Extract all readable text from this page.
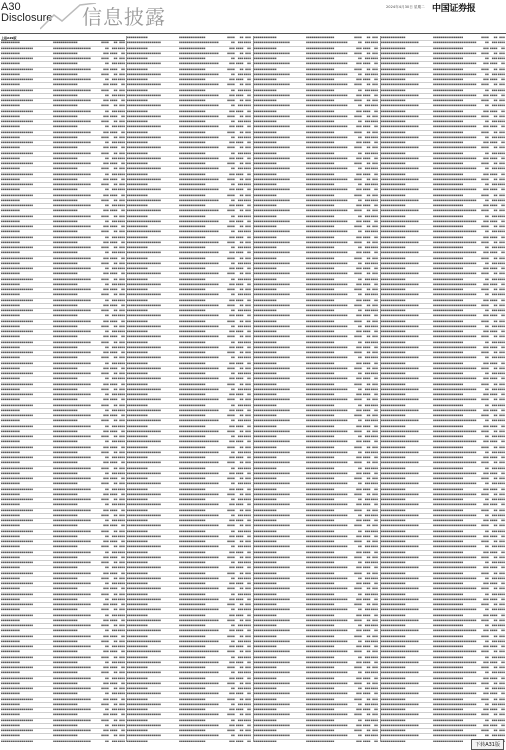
A30
Disclosure 信息披露	2024年4月30日 星期二 中国证券报
上接A29版
■■■■■■■■■■	■■■■■■■■■■■■■	■■■■	■■ ■■■
■■■■■■■■■■■■■■■■■	■■■■■■■■■■■■■■■■■■■■	■■	■■■ ■■■■
■■■■■■■■■■	■■■■■■■■■■■■■	■■■ ■■■■	■■
■■■■■■■■■■■■■■■■■	■■■■■■■■■■■■■■■■■■■■	■■■■	■■ ■■■
■■■■■■■■■■	■■■■■■■■■■■■■	■■	■■■ ■■■■
■■■■■■■■■■■■■■■■■	■■■■■■■■■■■■■■■■■■■■	■■■ ■■■■	■■
■■■■■■■■■■	■■■■■■■■■■■■■	■■■■	■■ ■■■
■■■■■■■■■■■■■■■■■	■■■■■■■■■■■■■■■■■■■■	■■	■■■ ■■■■
■■■■■■■■■■	■■■■■■■■■■■■■	■■■ ■■■■	■■
■■■■■■■■■■■■■■■■■	■■■■■■■■■■■■■■■■■■■■	■■■■	■■ ■■■
■■■■■■■■■■	■■■■■■■■■■■■■	■■	■■■ ■■■■
■■■■■■■■■■■■■■■■■	■■■■■■■■■■■■■■■■■■■■	■■■ ■■■■	■■
■■■■■■■■■■	■■■■■■■■■■■■■	■■■■	■■ ■■■
■■■■■■■■■■■■■■■■■	■■■■■■■■■■■■■■■■■■■■	■■	■■■ ■■■■
■■■■■■■■■■	■■■■■■■■■■■■■	■■■ ■■■■	■■
■■■■■■■■■■■■■■■■■	■■■■■■■■■■■■■■■■■■■■	■■■■	■■ ■■■
■■■■■■■■■■	■■■■■■■■■■■■■	■■	■■■ ■■■■
■■■■■■■■■■■■■■■■■	■■■■■■■■■■■■■■■■■■■■	■■■ ■■■■	■■
■■■■■■■■■■	■■■■■■■■■■■■■	■■■■	■■ ■■■
■■■■■■■■■■■■■■■■■	■■■■■■■■■■■■■■■■■■■■	■■	■■■ ■■■■
■■■■■■■■■■	■■■■■■■■■■■■■	■■■ ■■■■	■■
■■■■■■■■■■■■■■■■■	■■■■■■■■■■■■■■■■■■■■	■■■■	■■ ■■■
■■■■■■■■■■	■■■■■■■■■■■■■	■■	■■■ ■■■■
■■■■■■■■■■■■■■■■■	■■■■■■■■■■■■■■■■■■■■	■■■ ■■■■	■■
■■■■■■■■■■	■■■■■■■■■■■■■	■■■■	■■ ■■■
■■■■■■■■■■■■■■■■■	■■■■■■■■■■■■■■■■■■■■	■■	■■■ ■■■■
■■■■■■■■■■	■■■■■■■■■■■■■	■■■ ■■■■	■■
■■■■■■■■■■■■■■■■■	■■■■■■■■■■■■■■■■■■■■	■■■■	■■ ■■■
■■■■■■■■■■	■■■■■■■■■■■■■	■■	■■■ ■■■■
■■■■■■■■■■■■■■■■■	■■■■■■■■■■■■■■■■■■■■	■■■ ■■■■	■■
■■■■■■■■■■	■■■■■■■■■■■■■	■■■■	■■ ■■■
■■■■■■■■■■■■■■■■■	■■■■■■■■■■■■■■■■■■■■	■■	■■■ ■■■■
■■■■■■■■■■	■■■■■■■■■■■■■	■■■ ■■■■	■■
■■■■■■■■■■■■■■■■■	■■■■■■■■■■■■■■■■■■■■	■■■■	■■ ■■■
■■■■■■■■■■	■■■■■■■■■■■■■	■■	■■■ ■■■■
■■■■■■■■■■■■■■■■■	■■■■■■■■■■■■■■■■■■■■	■■■ ■■■■	■■
■■■■■■■■■■	■■■■■■■■■■■■■	■■■■	■■ ■■■
■■■■■■■■■■■■■■■■■	■■■■■■■■■■■■■■■■■■■■	■■	■■■ ■■■■
■■■■■■■■■■	■■■■■■■■■■■■■	■■■ ■■■■	■■
■■■■■■■■■■■■■■■■■	■■■■■■■■■■■■■■■■■■■■	■■■■	■■ ■■■
■■■■■■■■■■	■■■■■■■■■■■■■	■■	■■■ ■■■■
■■■■■■■■■■■■■■■■■	■■■■■■■■■■■■■■■■■■■■	■■■ ■■■■	■■
■■■■■■■■■■	■■■■■■■■■■■■■	■■■■	■■ ■■■
■■■■■■■■■■■■■■■■■	■■■■■■■■■■■■■■■■■■■■	■■	■■■ ■■■■
■■■■■■■■■■	■■■■■■■■■■■■■	■■■ ■■■■	■■
■■■■■■■■■■■■■■■■■	■■■■■■■■■■■■■■■■■■■■	■■■■	■■ ■■■
■■■■■■■■■■	■■■■■■■■■■■■■	■■	■■■ ■■■■
■■■■■■■■■■■■■■■■■	■■■■■■■■■■■■■■■■■■■■	■■■ ■■■■	■■
■■■■■■■■■■	■■■■■■■■■■■■■	■■■■	■■ ■■■
■■■■■■■■■■■■■■■■■	■■■■■■■■■■■■■■■■■■■■	■■	■■■ ■■■■
■■■■■■■■■■	■■■■■■■■■■■■■	■■■ ■■■■	■■
■■■■■■■■■■■■■■■■■	■■■■■■■■■■■■■■■■■■■■	■■■■	■■ ■■■
■■■■■■■■■■	■■■■■■■■■■■■■	■■	■■■ ■■■■
■■■■■■■■■■■■■■■■■	■■■■■■■■■■■■■■■■■■■■	■■■ ■■■■	■■
■■■■■■■■■■	■■■■■■■■■■■■■	■■■■	■■ ■■■
■■■■■■■■■■■■■■■■■	■■■■■■■■■■■■■■■■■■■■	■■	■■■ ■■■■
■■■■■■■■■■	■■■■■■■■■■■■■	■■■ ■■■■	■■
■■■■■■■■■■■■■■■■■	■■■■■■■■■■■■■■■■■■■■	■■■■	■■ ■■■
■■■■■■■■■■	■■■■■■■■■■■■■	■■	■■■ ■■■■
■■■■■■■■■■■■■■■■■	■■■■■■■■■■■■■■■■■■■■	■■■ ■■■■	■■
■■■■■■■■■■	■■■■■■■■■■■■■	■■■■	■■ ■■■
■■■■■■■■■■■■■■■■■	■■■■■■■■■■■■■■■■■■■■	■■	■■■ ■■■■
■■■■■■■■■■	■■■■■■■■■■■■■	■■■ ■■■■	■■
■■■■■■■■■■■■■■■■■	■■■■■■■■■■■■■■■■■■■■	■■■■	■■ ■■■
■■■■■■■■■■	■■■■■■■■■■■■■	■■	■■■ ■■■■
■■■■■■■■■■■■■■■■■	■■■■■■■■■■■■■■■■■■■■	■■■ ■■■■	■■
■■■■■■■■■■	■■■■■■■■■■■■■	■■■■	■■ ■■■
■■■■■■■■■■■■■■■■■	■■■■■■■■■■■■■■■■■■■■	■■	■■■ ■■■■
■■■■■■■■■■	■■■■■■■■■■■■■	■■■ ■■■■	■■
■■■■■■■■■■■■■■■■■	■■■■■■■■■■■■■■■■■■■■	■■■■	■■ ■■■
■■■■■■■■■■	■■■■■■■■■■■■■	■■	■■■ ■■■■
■■■■■■■■■■■■■■■■■	■■■■■■■■■■■■■■■■■■■■	■■■ ■■■■	■■
■■■■■■■■■■	■■■■■■■■■■■■■	■■■■	■■ ■■■
■■■■■■■■■■■■■■■■■	■■■■■■■■■■■■■■■■■■■■	■■	■■■ ■■■■
■■■■■■■■■■	■■■■■■■■■■■■■	■■■ ■■■■	■■
■■■■■■■■■■■■■■■■■	■■■■■■■■■■■■■■■■■■■■	■■■■	■■ ■■■
■■■■■■■■■■	■■■■■■■■■■■■■	■■	■■■ ■■■■
■■■■■■■■■■■■■■■■■	■■■■■■■■■■■■■■■■■■■■	■■■ ■■■■	■■
■■■■■■■■■■	■■■■■■■■■■■■■	■■■■	■■ ■■■
■■■■■■■■■■■■■■■■■	■■■■■■■■■■■■■■■■■■■■	■■	■■■ ■■■■
■■■■■■■■■■	■■■■■■■■■■■■■	■■■ ■■■■	■■
■■■■■■■■■■■■■■■■■	■■■■■■■■■■■■■■■■■■■■	■■■■	■■ ■■■
■■■■■■■■■■	■■■■■■■■■■■■■	■■	■■■ ■■■■
■■■■■■■■■■■■■■■■■	■■■■■■■■■■■■■■■■■■■■	■■■ ■■■■	■■
■■■■■■■■■■	■■■■■■■■■■■■■	■■■■	■■ ■■■
■■■■■■■■■■■■■■■■■	■■■■■■■■■■■■■■■■■■■■	■■	■■■ ■■■■
■■■■■■■■■■	■■■■■■■■■■■■■	■■■ ■■■■	■■
■■■■■■■■■■■■■■■■■	■■■■■■■■■■■■■■■■■■■■	■■■■	■■ ■■■
■■■■■■■■■■	■■■■■■■■■■■■■	■■	■■■ ■■■■
■■■■■■■■■■■■■■■■■	■■■■■■■■■■■■■■■■■■■■	■■■ ■■■■	■■
■■■■■■■■■■	■■■■■■■■■■■■■	■■■■	■■ ■■■
■■■■■■■■■■■■■■■■■	■■■■■■■■■■■■■■■■■■■■	■■	■■■ ■■■■
■■■■■■■■■■	■■■■■■■■■■■■■	■■■ ■■■■	■■
■■■■■■■■■■■■■■■■■	■■■■■■■■■■■■■■■■■■■■	■■■■	■■ ■■■
■■■■■■■■■■	■■■■■■■■■■■■■	■■	■■■ ■■■■
■■■■■■■■■■■■■■■■■	■■■■■■■■■■■■■■■■■■■■	■■■ ■■■■	■■
■■■■■■■■■■	■■■■■■■■■■■■■	■■■■	■■ ■■■
■■■■■■■■■■■■■■■■■	■■■■■■■■■■■■■■■■■■■■	■■	■■■ ■■■■
■■■■■■■■■■	■■■■■■■■■■■■■	■■■ ■■■■	■■
■■■■■■■■■■■■■■■■■	■■■■■■■■■■■■■■■■■■■■	■■■■	■■ ■■■
■■■■■■■■■■	■■■■■■■■■■■■■	■■	■■■ ■■■■
■■■■■■■■■■■■■■■■■	■■■■■■■■■■■■■■■■■■■■	■■■ ■■■■	■■
■■■■■■■■■■	■■■■■■■■■■■■■	■■■■	■■ ■■■
■■■■■■■■■■■■■■■■■	■■■■■■■■■■■■■■■■■■■■	■■	■■■ ■■■■
■■■■■■■■■■	■■■■■■■■■■■■■	■■■ ■■■■	■■
■■■■■■■■■■■■■■■■■	■■■■■■■■■■■■■■■■■■■■	■■■■	■■ ■■■
■■■■■■■■■■	■■■■■■■■■■■■■	■■	■■■ ■■■■
■■■■■■■■■■■■■■■■■	■■■■■■■■■■■■■■■■■■■■	■■■ ■■■■	■■
■■■■■■■■■■	■■■■■■■■■■■■■	■■■■	■■ ■■■
■■■■■■■■■■■■■■■■■	■■■■■■■■■■■■■■■■■■■■	■■	■■■ ■■■■
■■■■■■■■■■	■■■■■■■■■■■■■	■■■ ■■■■	■■
■■■■■■■■■■■■■■■■■	■■■■■■■■■■■■■■■■■■■■	■■■■	■■ ■■■
■■■■■■■■■■	■■■■■■■■■■■■■	■■	■■■ ■■■■
■■■■■■■■■■■■■■■■■	■■■■■■■■■■■■■■■■■■■■	■■■ ■■■■	■■
■■■■■■■■■■	■■■■■■■■■■■■■	■■■■	■■ ■■■
■■■■■■■■■■■■■■■■■	■■■■■■■■■■■■■■■■■■■■	■■	■■■ ■■■■
■■■■■■■■■■	■■■■■■■■■■■■■	■■■ ■■■■	■■
■■■■■■■■■■■■■■■■■	■■■■■■■■■■■■■■■■■■■■	■■■■	■■ ■■■
■■■■■■■■■■	■■■■■■■■■■■■■	■■	■■■ ■■■■
■■■■■■■■■■■■■■■■■	■■■■■■■■■■■■■■■■■■■■	■■■ ■■■■	■■
■■■■■■■■■■	■■■■■■■■■■■■■	■■■■	■■ ■■■
■■■■■■■■■■■■■■■■■	■■■■■■■■■■■■■■■■■■■■	■■	■■■ ■■■■
■■■■■■■■■■	■■■■■■■■■■■■■	■■■ ■■■■	■■
■■■■■■■■■■■■■■■■■	■■■■■■■■■■■■■■■■■■■■	■■■■	■■ ■■■
■■■■■■■■■■	■■■■■■■■■■■■■	■■	■■■ ■■■■
■■■■■■■■■■■■■■■■■	■■■■■■■■■■■■■■■■■■■■	■■■ ■■■■	■■
■■■■■■■■■■	■■■■■■■■■■■■■	■■■■	■■ ■■■
■■■■■■■■■■■■■■■■■	■■■■■■■■■■■■■■■■■■■■	■■	■■■ ■■■■
■■■■■■■■■■	■■■■■■■■■■■■■	■■■ ■■■■	■■
■■■■■■■■■■■■■■■■■	■■■■■■■■■■■■■■■■■■■■	■■■■	■■ ■■■
■■■■■■■■■■	■■■■■■■■■■■■■	■■	■■■ ■■■■
■■■■■■■■■■■■■■■■■	■■■■■■■■■■■■■■■■■■■■	■■■ ■■■■	■■
■■■■■■■■■■	■■■■■■■■■■■■■	■■■■	■■ ■■■
■■■■■■■■■■■■■■■■■	■■■■■■■■■■■■■■■■■■■■	■■	■■■ ■■■■
■■■■■■■■■■■	■■■■■■■■■■■■■■	■■■■	■■ ■■■
■■■■■■■■■■■■■■■■■■	■■■■■■■■■■■■■■■■■■■■■	■■	■■■ ■■■■
■■■■■■■■■■■	■■■■■■■■■■■■■■	■■■ ■■■■	■■
■■■■■■■■■■■■■■■■■■	■■■■■■■■■■■■■■■■■■■■■	■■■■	■■ ■■■
■■■■■■■■■■■	■■■■■■■■■■■■■■	■■	■■■ ■■■■
■■■■■■■■■■■■■■■■■■	■■■■■■■■■■■■■■■■■■■■■	■■■ ■■■■	■■
■■■■■■■■■■■	■■■■■■■■■■■■■■	■■■■	■■ ■■■
■■■■■■■■■■■■■■■■■■	■■■■■■■■■■■■■■■■■■■■■	■■	■■■ ■■■■
■■■■■■■■■■■	■■■■■■■■■■■■■■	■■■ ■■■■	■■
■■■■■■■■■■■■■■■■■■	■■■■■■■■■■■■■■■■■■■■■	■■■■	■■ ■■■
■■■■■■■■■■■	■■■■■■■■■■■■■■	■■	■■■ ■■■■
■■■■■■■■■■■■■■■■■■	■■■■■■■■■■■■■■■■■■■■■	■■■ ■■■■	■■
■■■■■■■■■■■	■■■■■■■■■■■■■■	■■■■	■■ ■■■
■■■■■■■■■■■■■■■■■■	■■■■■■■■■■■■■■■■■■■■■	■■	■■■ ■■■■
■■■■■■■■■■■	■■■■■■■■■■■■■■	■■■ ■■■■	■■
■■■■■■■■■■■■■■■■■■	■■■■■■■■■■■■■■■■■■■■■	■■■■	■■ ■■■
■■■■■■■■■■■	■■■■■■■■■■■■■■	■■	■■■ ■■■■
■■■■■■■■■■■■■■■■■■	■■■■■■■■■■■■■■■■■■■■■	■■■ ■■■■	■■
■■■■■■■■■■■	■■■■■■■■■■■■■■	■■■■	■■ ■■■
■■■■■■■■■■■■■■■■■■	■■■■■■■■■■■■■■■■■■■■■	■■	■■■ ■■■■
■■■■■■■■■■■	■■■■■■■■■■■■■■	■■■ ■■■■	■■
■■■■■■■■■■■■■■■■■■	■■■■■■■■■■■■■■■■■■■■■	■■■■	■■ ■■■
■■■■■■■■■■■	■■■■■■■■■■■■■■	■■	■■■ ■■■■
■■■■■■■■■■■■■■■■■■	■■■■■■■■■■■■■■■■■■■■■	■■■ ■■■■	■■
■■■■■■■■■■■	■■■■■■■■■■■■■■	■■■■	■■ ■■■
■■■■■■■■■■■■■■■■■■	■■■■■■■■■■■■■■■■■■■■■	■■	■■■ ■■■■
■■■■■■■■■■■	■■■■■■■■■■■■■■	■■■ ■■■■	■■
■■■■■■■■■■■■■■■■■■	■■■■■■■■■■■■■■■■■■■■■	■■■■	■■ ■■■
■■■■■■■■■■■	■■■■■■■■■■■■■■	■■	■■■ ■■■■
■■■■■■■■■■■■■■■■■■	■■■■■■■■■■■■■■■■■■■■■	■■■ ■■■■	■■
■■■■■■■■■■■	■■■■■■■■■■■■■■	■■■■	■■ ■■■
■■■■■■■■■■■■■■■■■■	■■■■■■■■■■■■■■■■■■■■■	■■	■■■ ■■■■
■■■■■■■■■■■	■■■■■■■■■■■■■■	■■■ ■■■■	■■
■■■■■■■■■■■■■■■■■■	■■■■■■■■■■■■■■■■■■■■■	■■■■	■■ ■■■
■■■■■■■■■■■	■■■■■■■■■■■■■■	■■	■■■ ■■■■
■■■■■■■■■■■■■■■■■■	■■■■■■■■■■■■■■■■■■■■■	■■■ ■■■■	■■
■■■■■■■■■■■	■■■■■■■■■■■■■■	■■■■	■■ ■■■
■■■■■■■■■■■■■■■■■■	■■■■■■■■■■■■■■■■■■■■■	■■	■■■ ■■■■
■■■■■■■■■■■	■■■■■■■■■■■■■■	■■■ ■■■■	■■
■■■■■■■■■■■■■■■■■■	■■■■■■■■■■■■■■■■■■■■■	■■■■	■■ ■■■
■■■■■■■■■■■	■■■■■■■■■■■■■■	■■	■■■ ■■■■
■■■■■■■■■■■■■■■■■■	■■■■■■■■■■■■■■■■■■■■■	■■■ ■■■■	■■
■■■■■■■■■■■	■■■■■■■■■■■■■■	■■■■	■■ ■■■
■■■■■■■■■■■■■■■■■■	■■■■■■■■■■■■■■■■■■■■■	■■	■■■ ■■■■
■■■■■■■■■■■	■■■■■■■■■■■■■■	■■■ ■■■■	■■
■■■■■■■■■■■■■■■■■■	■■■■■■■■■■■■■■■■■■■■■	■■■■	■■ ■■■
■■■■■■■■■■■	■■■■■■■■■■■■■■	■■	■■■ ■■■■
■■■■■■■■■■■■■■■■■■	■■■■■■■■■■■■■■■■■■■■■	■■■ ■■■■	■■
■■■■■■■■■■■	■■■■■■■■■■■■■■	■■■■	■■ ■■■
■■■■■■■■■■■■■■■■■■	■■■■■■■■■■■■■■■■■■■■■	■■	■■■ ■■■■
■■■■■■■■■■■	■■■■■■■■■■■■■■	■■■ ■■■■	■■
■■■■■■■■■■■■■■■■■■	■■■■■■■■■■■■■■■■■■■■■	■■■■	■■ ■■■
■■■■■■■■■■■	■■■■■■■■■■■■■■	■■	■■■ ■■■■
■■■■■■■■■■■■■■■■■■	■■■■■■■■■■■■■■■■■■■■■	■■■ ■■■■	■■
■■■■■■■■■■■	■■■■■■■■■■■■■■	■■■■	■■ ■■■
■■■■■■■■■■■■■■■■■■	■■■■■■■■■■■■■■■■■■■■■	■■	■■■ ■■■■
■■■■■■■■■■■	■■■■■■■■■■■■■■	■■■ ■■■■	■■
■■■■■■■■■■■■■■■■■■	■■■■■■■■■■■■■■■■■■■■■	■■■■	■■ ■■■
■■■■■■■■■■■	■■■■■■■■■■■■■■	■■	■■■ ■■■■
■■■■■■■■■■■■■■■■■■	■■■■■■■■■■■■■■■■■■■■■	■■■ ■■■■	■■
■■■■■■■■■■■	■■■■■■■■■■■■■■	■■■■	■■ ■■■
■■■■■■■■■■■■■■■■■■	■■■■■■■■■■■■■■■■■■■■■	■■	■■■ ■■■■
■■■■■■■■■■■	■■■■■■■■■■■■■■	■■■ ■■■■	■■
■■■■■■■■■■■■■■■■■■	■■■■■■■■■■■■■■■■■■■■■	■■■■	■■ ■■■
■■■■■■■■■■■	■■■■■■■■■■■■■■	■■	■■■ ■■■■
■■■■■■■■■■■■■■■■■■	■■■■■■■■■■■■■■■■■■■■■	■■■ ■■■■	■■
■■■■■■■■■■■	■■■■■■■■■■■■■■	■■■■	■■ ■■■
■■■■■■■■■■■■■■■■■■	■■■■■■■■■■■■■■■■■■■■■	■■	■■■ ■■■■
■■■■■■■■■■■	■■■■■■■■■■■■■■	■■■ ■■■■	■■
■■■■■■■■■■■■■■■■■■	■■■■■■■■■■■■■■■■■■■■■	■■■■	■■ ■■■
■■■■■■■■■■■	■■■■■■■■■■■■■■	■■	■■■ ■■■■
■■■■■■■■■■■■■■■■■■	■■■■■■■■■■■■■■■■■■■■■	■■■ ■■■■	■■
■■■■■■■■■■■	■■■■■■■■■■■■■■	■■■■	■■ ■■■
■■■■■■■■■■■■■■■■■■	■■■■■■■■■■■■■■■■■■■■■	■■	■■■ ■■■■
■■■■■■■■■■■	■■■■■■■■■■■■■■	■■■ ■■■■	■■
■■■■■■■■■■■■■■■■■■	■■■■■■■■■■■■■■■■■■■■■	■■■■	■■ ■■■
■■■■■■■■■■■	■■■■■■■■■■■■■■	■■	■■■ ■■■■
■■■■■■■■■■■■■■■■■■	■■■■■■■■■■■■■■■■■■■■■	■■■ ■■■■	■■
■■■■■■■■■■■	■■■■■■■■■■■■■■	■■■■	■■ ■■■
■■■■■■■■■■■■■■■■■■	■■■■■■■■■■■■■■■■■■■■■	■■	■■■ ■■■■
■■■■■■■■■■■	■■■■■■■■■■■■■■	■■■ ■■■■	■■
■■■■■■■■■■■■■■■■■■	■■■■■■■■■■■■■■■■■■■■■	■■■■	■■ ■■■
■■■■■■■■■■■	■■■■■■■■■■■■■■	■■	■■■ ■■■■
■■■■■■■■■■■■■■■■■■	■■■■■■■■■■■■■■■■■■■■■	■■■ ■■■■	■■
■■■■■■■■■■■	■■■■■■■■■■■■■■	■■■■	■■ ■■■
■■■■■■■■■■■■■■■■■■	■■■■■■■■■■■■■■■■■■■■■	■■	■■■ ■■■■
■■■■■■■■■■■	■■■■■■■■■■■■■■	■■■ ■■■■	■■
■■■■■■■■■■■■■■■■■■	■■■■■■■■■■■■■■■■■■■■■	■■■■	■■ ■■■
■■■■■■■■■■■	■■■■■■■■■■■■■■	■■	■■■ ■■■■
■■■■■■■■■■■■■■■■■■	■■■■■■■■■■■■■■■■■■■■■	■■■ ■■■■	■■
■■■■■■■■■■■	■■■■■■■■■■■■■■	■■■■	■■ ■■■
■■■■■■■■■■■■■■■■■■	■■■■■■■■■■■■■■■■■■■■■	■■	■■■ ■■■■
■■■■■■■■■■■	■■■■■■■■■■■■■■	■■■ ■■■■	■■
■■■■■■■■■■■■■■■■■■	■■■■■■■■■■■■■■■■■■■■■	■■■■	■■ ■■■
■■■■■■■■■■■	■■■■■■■■■■■■■■	■■	■■■ ■■■■
■■■■■■■■■■■■■■■■■■	■■■■■■■■■■■■■■■■■■■■■	■■■ ■■■■	■■
■■■■■■■■■■■	■■■■■■■■■■■■■■	■■■■	■■ ■■■
■■■■■■■■■■■■■■■■■■	■■■■■■■■■■■■■■■■■■■■■	■■	■■■ ■■■■
■■■■■■■■■■■	■■■■■■■■■■■■■■	■■■ ■■■■	■■
■■■■■■■■■■■■■■■■■■	■■■■■■■■■■■■■■■■■■■■■	■■■■	■■ ■■■
■■■■■■■■■■■	■■■■■■■■■■■■■■	■■	■■■ ■■■■
■■■■■■■■■■■■■■■■■■	■■■■■■■■■■■■■■■■■■■■■	■■■ ■■■■	■■
■■■■■■■■■■■	■■■■■■■■■■■■■■	■■■■	■■ ■■■
■■■■■■■■■■■■■■■■■■	■■■■■■■■■■■■■■■■■■■■■	■■	■■■ ■■■■
■■■■■■■■■■■	■■■■■■■■■■■■■■	■■■ ■■■■	■■
■■■■■■■■■■■■■■■■■■	■■■■■■■■■■■■■■■■■■■■■	■■■■	■■ ■■■
■■■■■■■■■■■	■■■■■■■■■■■■■■	■■	■■■ ■■■■
■■■■■■■■■■■■■■■■■■	■■■■■■■■■■■■■■■■■■■■■	■■■ ■■■■	■■
■■■■■■■■■■■	■■■■■■■■■■■■■■	■■■■	■■ ■■■
■■■■■■■■■■■■■■■■■■	■■■■■■■■■■■■■■■■■■■■■	■■	■■■ ■■■■
■■■■■■■■■■■	■■■■■■■■■■■■■■	■■■ ■■■■	■■
■■■■■■■■■■■■■■■■■■	■■■■■■■■■■■■■■■■■■■■■	■■■■	■■ ■■■
■■■■■■■■■■■	■■■■■■■■■■■■■■	■■	■■■ ■■■■
■■■■■■■■■■■■■■■■■■	■■■■■■■■■■■■■■■■■■■■■	■■■ ■■■■	■■
■■■■■■■■■■■	■■■■■■■■■■■■■■	■■■■	■■ ■■■
■■■■■■■■■■■■■■■■■■	■■■■■■■■■■■■■■■■■■■■■	■■	■■■ ■■■■
■■■■■■■■■■■	■■■■■■■■■■■■■■	■■■ ■■■■	■■
■■■■■■■■■■■■■■■■■■	■■■■■■■■■■■■■■■■■■■■■	■■■■	■■ ■■■
■■■■■■■■■■■	■■■■■■■■■■■■■■	■■	■■■ ■■■■
■■■■■■■■■■■■■■■■■■	■■■■■■■■■■■■■■■■■■■■■	■■■ ■■■■	■■
■■■■■■■■■■■	■■■■■■■■■■■■■■	■■■■	■■ ■■■
■■■■■■■■■■■■■■■■■■	■■■■■■■■■■■■■■■■■■■■■	■■	■■■ ■■■■
■■■■■■■■■■■	■■■■■■■■■■■■■■	■■■ ■■■■	■■
■■■■■■■■■■■■■■■■■■	■■■■■■■■■■■■■■■■■■■■■	■■■■	■■ ■■■
■■■■■■■■■■■	■■■■■■■■■■■■■■	■■	■■■ ■■■■
■■■■■■■■■■■■■■■■■■	■■■■■■■■■■■■■■■■■■■■■	■■■ ■■■■	■■
■■■■■■■■■■■	■■■■■■■■■■■■■■	■■■■	■■ ■■■
■■■■■■■■■■■■■■■■■■	■■■■■■■■■■■■■■■■■■■■■	■■	■■■ ■■■■
■■■■■■■■■■■	■■■■■■■■■■■■■■	■■■ ■■■■	■■
■■■■■■■■■■■■■■■■■■	■■■■■■■■■■■■■■■■■■■■■	■■■■	■■ ■■■
■■■■■■■■■■■	■■■■■■■■■■■■■■	■■	■■■ ■■■■
■■■■■■■■■■■■■■■■■■	■■■■■■■■■■■■■■■■■■■■■	■■■ ■■■■	■■
■■■■■■■■■■■	■■■■■■■■■■■■■■	■■■■	■■ ■■■
■■■■■■■■■■■■■■■■■■	■■■■■■■■■■■■■■■■■■■■■	■■	■■■ ■■■■
■■■■■■■■■■■	■■■■■■■■■■■■■■	■■■ ■■■■	■■
■■■■■■■■■■■■	■■■■■■■■■■■■■■■	■■■■	■■ ■■■
■■■■■■■■■■■■■■■■■■■	■■■■■■■■■■■■■■■■■■■■■■	■■	■■■ ■■■■
■■■■■■■■■■■■	■■■■■■■■■■■■■■■	■■■ ■■■■	■■
■■■■■■■■■■■■■■■■■■■	■■■■■■■■■■■■■■■■■■■■■■	■■■■	■■ ■■■
■■■■■■■■■■■■	■■■■■■■■■■■■■■■	■■	■■■ ■■■■
■■■■■■■■■■■■■■■■■■■	■■■■■■■■■■■■■■■■■■■■■■	■■■ ■■■■	■■
■■■■■■■■■■■■	■■■■■■■■■■■■■■■	■■■■	■■ ■■■
■■■■■■■■■■■■■■■■■■■	■■■■■■■■■■■■■■■■■■■■■■	■■	■■■ ■■■■
■■■■■■■■■■■■	■■■■■■■■■■■■■■■	■■■ ■■■■	■■
■■■■■■■■■■■■■■■■■■■	■■■■■■■■■■■■■■■■■■■■■■	■■■■	■■ ■■■
■■■■■■■■■■■■	■■■■■■■■■■■■■■■	■■	■■■ ■■■■
■■■■■■■■■■■■■■■■■■■	■■■■■■■■■■■■■■■■■■■■■■	■■■ ■■■■	■■
■■■■■■■■■■■■	■■■■■■■■■■■■■■■	■■■■	■■ ■■■
■■■■■■■■■■■■■■■■■■■	■■■■■■■■■■■■■■■■■■■■■■	■■	■■■ ■■■■
■■■■■■■■■■■■	■■■■■■■■■■■■■■■	■■■ ■■■■	■■
■■■■■■■■■■■■■■■■■■■	■■■■■■■■■■■■■■■■■■■■■■	■■■■	■■ ■■■
■■■■■■■■■■■■	■■■■■■■■■■■■■■■	■■	■■■ ■■■■
■■■■■■■■■■■■■■■■■■■	■■■■■■■■■■■■■■■■■■■■■■	■■■ ■■■■	■■
■■■■■■■■■■■■	■■■■■■■■■■■■■■■	■■■■	■■ ■■■
■■■■■■■■■■■■■■■■■■■	■■■■■■■■■■■■■■■■■■■■■■	■■	■■■ ■■■■
■■■■■■■■■■■■	■■■■■■■■■■■■■■■	■■■ ■■■■	■■
■■■■■■■■■■■■■■■■■■■	■■■■■■■■■■■■■■■■■■■■■■	■■■■	■■ ■■■
■■■■■■■■■■■■	■■■■■■■■■■■■■■■	■■	■■■ ■■■■
■■■■■■■■■■■■■■■■■■■	■■■■■■■■■■■■■■■■■■■■■■	■■■ ■■■■	■■
■■■■■■■■■■■■	■■■■■■■■■■■■■■■	■■■■	■■ ■■■
■■■■■■■■■■■■■■■■■■■	■■■■■■■■■■■■■■■■■■■■■■	■■	■■■ ■■■■
■■■■■■■■■■■■	■■■■■■■■■■■■■■■	■■■ ■■■■	■■
■■■■■■■■■■■■■■■■■■■	■■■■■■■■■■■■■■■■■■■■■■	■■■■	■■ ■■■
■■■■■■■■■■■■	■■■■■■■■■■■■■■■	■■	■■■ ■■■■
■■■■■■■■■■■■■■■■■■■	■■■■■■■■■■■■■■■■■■■■■■	■■■ ■■■■	■■
■■■■■■■■■■■■	■■■■■■■■■■■■■■■	■■■■	■■ ■■■
■■■■■■■■■■■■■■■■■■■	■■■■■■■■■■■■■■■■■■■■■■	■■	■■■ ■■■■
■■■■■■■■■■■■	■■■■■■■■■■■■■■■	■■■ ■■■■	■■
■■■■■■■■■■■■■■■■■■■	■■■■■■■■■■■■■■■■■■■■■■	■■■■	■■ ■■■
■■■■■■■■■■■■	■■■■■■■■■■■■■■■	■■	■■■ ■■■■
■■■■■■■■■■■■■■■■■■■	■■■■■■■■■■■■■■■■■■■■■■	■■■ ■■■■	■■
■■■■■■■■■■■■	■■■■■■■■■■■■■■■	■■■■	■■ ■■■
■■■■■■■■■■■■■■■■■■■	■■■■■■■■■■■■■■■■■■■■■■	■■	■■■ ■■■■
■■■■■■■■■■■■	■■■■■■■■■■■■■■■	■■■ ■■■■	■■
■■■■■■■■■■■■■■■■■■■	■■■■■■■■■■■■■■■■■■■■■■	■■■■	■■ ■■■
■■■■■■■■■■■■	■■■■■■■■■■■■■■■	■■	■■■ ■■■■
■■■■■■■■■■■■■■■■■■■	■■■■■■■■■■■■■■■■■■■■■■	■■■ ■■■■	■■
■■■■■■■■■■■■	■■■■■■■■■■■■■■■	■■■■	■■ ■■■
■■■■■■■■■■■■■■■■■■■	■■■■■■■■■■■■■■■■■■■■■■	■■	■■■ ■■■■
■■■■■■■■■■■■	■■■■■■■■■■■■■■■	■■■ ■■■■	■■
■■■■■■■■■■■■■■■■■■■	■■■■■■■■■■■■■■■■■■■■■■	■■■■	■■ ■■■
■■■■■■■■■■■■	■■■■■■■■■■■■■■■	■■	■■■ ■■■■
■■■■■■■■■■■■■■■■■■■	■■■■■■■■■■■■■■■■■■■■■■	■■■ ■■■■	■■
■■■■■■■■■■■■	■■■■■■■■■■■■■■■	■■■■	■■ ■■■
■■■■■■■■■■■■■■■■■■■	■■■■■■■■■■■■■■■■■■■■■■	■■	■■■ ■■■■
■■■■■■■■■■■■	■■■■■■■■■■■■■■■	■■■ ■■■■	■■
■■■■■■■■■■■■■■■■■■■	■■■■■■■■■■■■■■■■■■■■■■	■■■■	■■ ■■■
■■■■■■■■■■■■	■■■■■■■■■■■■■■■	■■	■■■ ■■■■
■■■■■■■■■■■■■■■■■■■	■■■■■■■■■■■■■■■■■■■■■■	■■■ ■■■■	■■
■■■■■■■■■■■■	■■■■■■■■■■■■■■■	■■■■	■■ ■■■
■■■■■■■■■■■■■■■■■■■	■■■■■■■■■■■■■■■■■■■■■■	■■	■■■ ■■■■
■■■■■■■■■■■■	■■■■■■■■■■■■■■■	■■■ ■■■■	■■
■■■■■■■■■■■■■■■■■■■	■■■■■■■■■■■■■■■■■■■■■■	■■■■	■■ ■■■
■■■■■■■■■■■■	■■■■■■■■■■■■■■■	■■	■■■ ■■■■
■■■■■■■■■■■■■■■■■■■	■■■■■■■■■■■■■■■■■■■■■■	■■■ ■■■■	■■
■■■■■■■■■■■■	■■■■■■■■■■■■■■■	■■■■	■■ ■■■
■■■■■■■■■■■■■■■■■■■	■■■■■■■■■■■■■■■■■■■■■■	■■	■■■ ■■■■
■■■■■■■■■■■■	■■■■■■■■■■■■■■■	■■■ ■■■■	■■
■■■■■■■■■■■■■■■■■■■	■■■■■■■■■■■■■■■■■■■■■■	■■■■	■■ ■■■
■■■■■■■■■■■■	■■■■■■■■■■■■■■■	■■	■■■ ■■■■
■■■■■■■■■■■■■■■■■■■	■■■■■■■■■■■■■■■■■■■■■■	■■■ ■■■■	■■
■■■■■■■■■■■■	■■■■■■■■■■■■■■■	■■■■	■■ ■■■
■■■■■■■■■■■■■■■■■■■	■■■■■■■■■■■■■■■■■■■■■■	■■	■■■ ■■■■
■■■■■■■■■■■■	■■■■■■■■■■■■■■■	■■■ ■■■■	■■
■■■■■■■■■■■■■■■■■■■	■■■■■■■■■■■■■■■■■■■■■■	■■■■	■■ ■■■
■■■■■■■■■■■■	■■■■■■■■■■■■■■■	■■	■■■ ■■■■
■■■■■■■■■■■■■■■■■■■	■■■■■■■■■■■■■■■■■■■■■■	■■■ ■■■■	■■
■■■■■■■■■■■■	■■■■■■■■■■■■■■■	■■■■	■■ ■■■
■■■■■■■■■■■■■■■■■■■	■■■■■■■■■■■■■■■■■■■■■■	■■	■■■ ■■■■
■■■■■■■■■■■■	■■■■■■■■■■■■■■■	■■■ ■■■■	■■
■■■■■■■■■■■■■■■■■■■	■■■■■■■■■■■■■■■■■■■■■■	■■■■	■■ ■■■
■■■■■■■■■■■■	■■■■■■■■■■■■■■■	■■	■■■ ■■■■
■■■■■■■■■■■■■■■■■■■	■■■■■■■■■■■■■■■■■■■■■■	■■■ ■■■■	■■
■■■■■■■■■■■■	■■■■■■■■■■■■■■■	■■■■	■■ ■■■
■■■■■■■■■■■■■■■■■■■	■■■■■■■■■■■■■■■■■■■■■■	■■	■■■ ■■■■
■■■■■■■■■■■■	■■■■■■■■■■■■■■■	■■■ ■■■■	■■
■■■■■■■■■■■■■■■■■■■	■■■■■■■■■■■■■■■■■■■■■■	■■■■	■■ ■■■
■■■■■■■■■■■■	■■■■■■■■■■■■■■■	■■	■■■ ■■■■
■■■■■■■■■■■■■■■■■■■	■■■■■■■■■■■■■■■■■■■■■■	■■■ ■■■■	■■
■■■■■■■■■■■■	■■■■■■■■■■■■■■■	■■■■	■■ ■■■
■■■■■■■■■■■■■■■■■■■	■■■■■■■■■■■■■■■■■■■■■■	■■	■■■ ■■■■
■■■■■■■■■■■■	■■■■■■■■■■■■■■■	■■■ ■■■■	■■
■■■■■■■■■■■■■■■■■■■	■■■■■■■■■■■■■■■■■■■■■■	■■■■	■■ ■■■
■■■■■■■■■■■■	■■■■■■■■■■■■■■■	■■	■■■ ■■■■
■■■■■■■■■■■■■■■■■■■	■■■■■■■■■■■■■■■■■■■■■■	■■■ ■■■■	■■
■■■■■■■■■■■■	■■■■■■■■■■■■■■■	■■■■	■■ ■■■
■■■■■■■■■■■■■■■■■■■	■■■■■■■■■■■■■■■■■■■■■■	■■	■■■ ■■■■
■■■■■■■■■■■■	■■■■■■■■■■■■■■■	■■■ ■■■■	■■
■■■■■■■■■■■■■■■■■■■	■■■■■■■■■■■■■■■■■■■■■■	■■■■	■■ ■■■
■■■■■■■■■■■■	■■■■■■■■■■■■■■■	■■	■■■ ■■■■
■■■■■■■■■■■■■■■■■■■	■■■■■■■■■■■■■■■■■■■■■■	■■■ ■■■■	■■
■■■■■■■■■■■■	■■■■■■■■■■■■■■■	■■■■	■■ ■■■
■■■■■■■■■■■■■■■■■■■	■■■■■■■■■■■■■■■■■■■■■■	■■	■■■ ■■■■
■■■■■■■■■■■■	■■■■■■■■■■■■■■■	■■■ ■■■■	■■
■■■■■■■■■■■■■■■■■■■	■■■■■■■■■■■■■■■■■■■■■■	■■■■	■■ ■■■
■■■■■■■■■■■■	■■■■■■■■■■■■■■■	■■	■■■ ■■■■
■■■■■■■■■■■■■■■■■■■	■■■■■■■■■■■■■■■■■■■■■■	■■■ ■■■■	■■
■■■■■■■■■■■■	■■■■■■■■■■■■■■■	■■■■	■■ ■■■
■■■■■■■■■■■■■■■■■■■	■■■■■■■■■■■■■■■■■■■■■■	■■	■■■ ■■■■
■■■■■■■■■■■■	■■■■■■■■■■■■■■■	■■■ ■■■■	■■
■■■■■■■■■■■■■■■■■■■	■■■■■■■■■■■■■■■■■■■■■■	■■■■	■■ ■■■
■■■■■■■■■■■■	■■■■■■■■■■■■■■■	■■	■■■ ■■■■
■■■■■■■■■■■■■■■■■■■	■■■■■■■■■■■■■■■■■■■■■■	■■■ ■■■■	■■
■■■■■■■■■■■■	■■■■■■■■■■■■■■■	■■■■	■■ ■■■
■■■■■■■■■■■■■■■■■■■	■■■■■■■■■■■■■■■■■■■■■■	■■	■■■ ■■■■
■■■■■■■■■■■■	■■■■■■■■■■■■■■■	■■■ ■■■■	■■
■■■■■■■■■■■■■■■■■■■	■■■■■■■■■■■■■■■■■■■■■■	■■■■	■■ ■■■
■■■■■■■■■■■■	■■■■■■■■■■■■■■■	■■	■■■ ■■■■
■■■■■■■■■■■■■■■■■■■	■■■■■■■■■■■■■■■■■■■■■■	■■■ ■■■■	■■
■■■■■■■■■■■■	■■■■■■■■■■■■■■■	■■■■	■■ ■■■
■■■■■■■■■■■■■■■■■■■	■■■■■■■■■■■■■■■■■■■■■■	■■	■■■ ■■■■
■■■■■■■■■■■■	■■■■■■■■■■■■■■■	■■■ ■■■■	■■
■■■■■■■■■■■■■■■■■■■	■■■■■■■■■■■■■■■■■■■■■■	■■■■	■■ ■■■
■■■■■■■■■■■■	■■■■■■■■■■■■■■■	■■	■■■ ■■■■
■■■■■■■■■■■■■■■■■■■	■■■■■■■■■■■■■■■■■■■■■■	■■■ ■■■■	■■
■■■■■■■■■■■■	■■■■■■■■■■■■■■■	■■■■	■■ ■■■
■■■■■■■■■■■■■■■■■■■	■■■■■■■■■■■■■■■■■■■■■■	■■	■■■ ■■■■
■■■■■■■■■■■■	■■■■■■■■■■■■■■■	■■■ ■■■■	■■
■■■■■■■■■■■■■■■■■■■	■■■■■■■■■■■■■■■■■■■■■■	■■■■	■■ ■■■
■■■■■■■■■■■■	■■■■■■■■■■■■■■■	■■	■■■ ■■■■
■■■■■■■■■■■■■■■■■■■	■■■■■■■■■■■■■■■■■■■■■■	■■■ ■■■■	■■
■■■■■■■■■■■■	■■■■■■■■■■■■■■■	■■■■	■■ ■■■
■■■■■■■■■■■■■■■■■■■	■■■■■■■■■■■■■■■■■■■■■■	■■	■■■ ■■■■
■■■■■■■■■■■■	■■■■■■■■■■■■■■■	■■■ ■■■■	■■
■■■■■■■■■■■■■■■■■■■	■■■■■■■■■■■■■■■■■■■■■■	■■■■	■■ ■■■
■■■■■■■■■■■■	■■■■■■■■■■■■■■■	■■	■■■ ■■■■
■■■■■■■■■■■■■■■■■■■	■■■■■■■■■■■■■■■■■■■■■■	■■■ ■■■■	■■
■■■■■■■■■■■■	■■■■■■■■■■■■■■■	■■■■	■■ ■■■
■■■■■■■■■■■■■■■■■■■	■■■■■■■■■■■■■■■■■■■■■■	■■	■■■ ■■■■
■■■■■■■■■■■■	■■■■■■■■■■■■■■■	■■■ ■■■■	■■
■■■■■■■■■■■■■	■■■■■■■■■■■■■■■■	■■■■	■■ ■■■
■■■■■■■■■■■■■■■■■■■■	■■■■■■■■■■■■■■■■■■■■■■■	■■	■■■ ■■■■
■■■■■■■■■■■■■	■■■■■■■■■■■■■■■■	■■■ ■■■■	■■
■■■■■■■■■■■■■■■■■■■■	■■■■■■■■■■■■■■■■■■■■■■■	■■■■	■■ ■■■
■■■■■■■■■■■■■	■■■■■■■■■■■■■■■■	■■	■■■ ■■■■
■■■■■■■■■■■■■■■■■■■■	■■■■■■■■■■■■■■■■■■■■■■■	■■■ ■■■■	■■
■■■■■■■■■■■■■	■■■■■■■■■■■■■■■■	■■■■	■■ ■■■
■■■■■■■■■■■■■■■■■■■■	■■■■■■■■■■■■■■■■■■■■■■■	■■	■■■ ■■■■
■■■■■■■■■■■■■	■■■■■■■■■■■■■■■■	■■■ ■■■■	■■
■■■■■■■■■■■■■■■■■■■■	■■■■■■■■■■■■■■■■■■■■■■■	■■■■	■■ ■■■
■■■■■■■■■■■■■	■■■■■■■■■■■■■■■■	■■	■■■ ■■■■
■■■■■■■■■■■■■■■■■■■■	■■■■■■■■■■■■■■■■■■■■■■■	■■■ ■■■■	■■
■■■■■■■■■■■■■	■■■■■■■■■■■■■■■■	■■■■	■■ ■■■
■■■■■■■■■■■■■■■■■■■■	■■■■■■■■■■■■■■■■■■■■■■■	■■	■■■ ■■■■
■■■■■■■■■■■■■	■■■■■■■■■■■■■■■■	■■■ ■■■■	■■
■■■■■■■■■■■■■■■■■■■■	■■■■■■■■■■■■■■■■■■■■■■■	■■■■	■■ ■■■
■■■■■■■■■■■■■	■■■■■■■■■■■■■■■■	■■	■■■ ■■■■
■■■■■■■■■■■■■■■■■■■■	■■■■■■■■■■■■■■■■■■■■■■■	■■■ ■■■■	■■
■■■■■■■■■■■■■	■■■■■■■■■■■■■■■■	■■■■	■■ ■■■
■■■■■■■■■■■■■■■■■■■■	■■■■■■■■■■■■■■■■■■■■■■■	■■	■■■ ■■■■
■■■■■■■■■■■■■	■■■■■■■■■■■■■■■■	■■■ ■■■■	■■
■■■■■■■■■■■■■■■■■■■■	■■■■■■■■■■■■■■■■■■■■■■■	■■■■	■■ ■■■
■■■■■■■■■■■■■	■■■■■■■■■■■■■■■■	■■	■■■ ■■■■
■■■■■■■■■■■■■■■■■■■■	■■■■■■■■■■■■■■■■■■■■■■■	■■■ ■■■■	■■
■■■■■■■■■■■■■	■■■■■■■■■■■■■■■■	■■■■	■■ ■■■
■■■■■■■■■■■■■■■■■■■■	■■■■■■■■■■■■■■■■■■■■■■■	■■	■■■ ■■■■
■■■■■■■■■■■■■	■■■■■■■■■■■■■■■■	■■■ ■■■■	■■
■■■■■■■■■■■■■■■■■■■■	■■■■■■■■■■■■■■■■■■■■■■■	■■■■	■■ ■■■
■■■■■■■■■■■■■	■■■■■■■■■■■■■■■■	■■	■■■ ■■■■
■■■■■■■■■■■■■■■■■■■■	■■■■■■■■■■■■■■■■■■■■■■■	■■■ ■■■■	■■
■■■■■■■■■■■■■	■■■■■■■■■■■■■■■■	■■■■	■■ ■■■
■■■■■■■■■■■■■■■■■■■■	■■■■■■■■■■■■■■■■■■■■■■■	■■	■■■ ■■■■
■■■■■■■■■■■■■	■■■■■■■■■■■■■■■■	■■■ ■■■■	■■
■■■■■■■■■■■■■■■■■■■■	■■■■■■■■■■■■■■■■■■■■■■■	■■■■	■■ ■■■
■■■■■■■■■■■■■	■■■■■■■■■■■■■■■■	■■	■■■ ■■■■
■■■■■■■■■■■■■■■■■■■■	■■■■■■■■■■■■■■■■■■■■■■■	■■■ ■■■■	■■
■■■■■■■■■■■■■	■■■■■■■■■■■■■■■■	■■■■	■■ ■■■
■■■■■■■■■■■■■■■■■■■■	■■■■■■■■■■■■■■■■■■■■■■■	■■	■■■ ■■■■
■■■■■■■■■■■■■	■■■■■■■■■■■■■■■■	■■■ ■■■■	■■
■■■■■■■■■■■■■■■■■■■■	■■■■■■■■■■■■■■■■■■■■■■■	■■■■	■■ ■■■
■■■■■■■■■■■■■	■■■■■■■■■■■■■■■■	■■	■■■ ■■■■
■■■■■■■■■■■■■■■■■■■■	■■■■■■■■■■■■■■■■■■■■■■■	■■■ ■■■■	■■
■■■■■■■■■■■■■	■■■■■■■■■■■■■■■■	■■■■	■■ ■■■
■■■■■■■■■■■■■■■■■■■■	■■■■■■■■■■■■■■■■■■■■■■■	■■	■■■ ■■■■
■■■■■■■■■■■■■	■■■■■■■■■■■■■■■■	■■■ ■■■■	■■
■■■■■■■■■■■■■■■■■■■■	■■■■■■■■■■■■■■■■■■■■■■■	■■■■	■■ ■■■
■■■■■■■■■■■■■	■■■■■■■■■■■■■■■■	■■	■■■ ■■■■
■■■■■■■■■■■■■■■■■■■■	■■■■■■■■■■■■■■■■■■■■■■■	■■■ ■■■■	■■
■■■■■■■■■■■■■	■■■■■■■■■■■■■■■■	■■■■	■■ ■■■
■■■■■■■■■■■■■■■■■■■■	■■■■■■■■■■■■■■■■■■■■■■■	■■	■■■ ■■■■
■■■■■■■■■■■■■	■■■■■■■■■■■■■■■■	■■■ ■■■■	■■
■■■■■■■■■■■■■■■■■■■■	■■■■■■■■■■■■■■■■■■■■■■■	■■■■	■■ ■■■
■■■■■■■■■■■■■	■■■■■■■■■■■■■■■■	■■	■■■ ■■■■
■■■■■■■■■■■■■■■■■■■■	■■■■■■■■■■■■■■■■■■■■■■■	■■■ ■■■■	■■
■■■■■■■■■■■■■	■■■■■■■■■■■■■■■■	■■■■	■■ ■■■
■■■■■■■■■■■■■■■■■■■■	■■■■■■■■■■■■■■■■■■■■■■■	■■	■■■ ■■■■
■■■■■■■■■■■■■	■■■■■■■■■■■■■■■■	■■■ ■■■■	■■
■■■■■■■■■■■■■■■■■■■■	■■■■■■■■■■■■■■■■■■■■■■■	■■■■	■■ ■■■
■■■■■■■■■■■■■	■■■■■■■■■■■■■■■■	■■	■■■ ■■■■
■■■■■■■■■■■■■■■■■■■■	■■■■■■■■■■■■■■■■■■■■■■■	■■■ ■■■■	■■
■■■■■■■■■■■■■	■■■■■■■■■■■■■■■■	■■■■	■■ ■■■
■■■■■■■■■■■■■■■■■■■■	■■■■■■■■■■■■■■■■■■■■■■■	■■	■■■ ■■■■
■■■■■■■■■■■■■	■■■■■■■■■■■■■■■■	■■■ ■■■■	■■
■■■■■■■■■■■■■■■■■■■■	■■■■■■■■■■■■■■■■■■■■■■■	■■■■	■■ ■■■
■■■■■■■■■■■■■	■■■■■■■■■■■■■■■■	■■	■■■ ■■■■
■■■■■■■■■■■■■■■■■■■■	■■■■■■■■■■■■■■■■■■■■■■■	■■■ ■■■■	■■
■■■■■■■■■■■■■	■■■■■■■■■■■■■■■■	■■■■	■■ ■■■
■■■■■■■■■■■■■■■■■■■■	■■■■■■■■■■■■■■■■■■■■■■■	■■	■■■ ■■■■
■■■■■■■■■■■■■	■■■■■■■■■■■■■■■■	■■■ ■■■■	■■
■■■■■■■■■■■■■■■■■■■■	■■■■■■■■■■■■■■■■■■■■■■■	■■■■	■■ ■■■
■■■■■■■■■■■■■	■■■■■■■■■■■■■■■■	■■	■■■ ■■■■
■■■■■■■■■■■■■■■■■■■■	■■■■■■■■■■■■■■■■■■■■■■■	■■■ ■■■■	■■
■■■■■■■■■■■■■	■■■■■■■■■■■■■■■■	■■■■	■■ ■■■
■■■■■■■■■■■■■■■■■■■■	■■■■■■■■■■■■■■■■■■■■■■■	■■	■■■ ■■■■
■■■■■■■■■■■■■	■■■■■■■■■■■■■■■■	■■■ ■■■■	■■
■■■■■■■■■■■■■■■■■■■■	■■■■■■■■■■■■■■■■■■■■■■■	■■■■	■■ ■■■
■■■■■■■■■■■■■	■■■■■■■■■■■■■■■■	■■	■■■ ■■■■
■■■■■■■■■■■■■■■■■■■■	■■■■■■■■■■■■■■■■■■■■■■■	■■■ ■■■■	■■
■■■■■■■■■■■■■	■■■■■■■■■■■■■■■■	■■■■	■■ ■■■
■■■■■■■■■■■■■■■■■■■■	■■■■■■■■■■■■■■■■■■■■■■■	■■	■■■ ■■■■
■■■■■■■■■■■■■	■■■■■■■■■■■■■■■■	■■■ ■■■■	■■
■■■■■■■■■■■■■■■■■■■■	■■■■■■■■■■■■■■■■■■■■■■■	■■■■	■■ ■■■
■■■■■■■■■■■■■	■■■■■■■■■■■■■■■■	■■	■■■ ■■■■
■■■■■■■■■■■■■■■■■■■■	■■■■■■■■■■■■■■■■■■■■■■■	■■■ ■■■■	■■
■■■■■■■■■■■■■	■■■■■■■■■■■■■■■■	■■■■	■■ ■■■
■■■■■■■■■■■■■■■■■■■■	■■■■■■■■■■■■■■■■■■■■■■■	■■	■■■ ■■■■
■■■■■■■■■■■■■	■■■■■■■■■■■■■■■■	■■■ ■■■■	■■
■■■■■■■■■■■■■■■■■■■■	■■■■■■■■■■■■■■■■■■■■■■■	■■■■	■■ ■■■
■■■■■■■■■■■■■	■■■■■■■■■■■■■■■■	■■	■■■ ■■■■
■■■■■■■■■■■■■■■■■■■■	■■■■■■■■■■■■■■■■■■■■■■■	■■■ ■■■■	■■
■■■■■■■■■■■■■	■■■■■■■■■■■■■■■■	■■■■	■■ ■■■
■■■■■■■■■■■■■■■■■■■■	■■■■■■■■■■■■■■■■■■■■■■■	■■	■■■ ■■■■
■■■■■■■■■■■■■	■■■■■■■■■■■■■■■■	■■■ ■■■■	■■
■■■■■■■■■■■■■■■■■■■■	■■■■■■■■■■■■■■■■■■■■■■■	■■■■	■■ ■■■
■■■■■■■■■■■■■	■■■■■■■■■■■■■■■■	■■	■■■ ■■■■
■■■■■■■■■■■■■■■■■■■■	■■■■■■■■■■■■■■■■■■■■■■■	■■■ ■■■■	■■
■■■■■■■■■■■■■	■■■■■■■■■■■■■■■■	■■■■	■■ ■■■
■■■■■■■■■■■■■■■■■■■■	■■■■■■■■■■■■■■■■■■■■■■■	■■	■■■ ■■■■
■■■■■■■■■■■■■	■■■■■■■■■■■■■■■■	■■■ ■■■■	■■
■■■■■■■■■■■■■■■■■■■■	■■■■■■■■■■■■■■■■■■■■■■■	■■■■	■■ ■■■
■■■■■■■■■■■■■	■■■■■■■■■■■■■■■■	■■	■■■ ■■■■
■■■■■■■■■■■■■■■■■■■■	■■■■■■■■■■■■■■■■■■■■■■■	■■■ ■■■■	■■
■■■■■■■■■■■■■	■■■■■■■■■■■■■■■■	■■■■	■■ ■■■
■■■■■■■■■■■■■■■■■■■■	■■■■■■■■■■■■■■■■■■■■■■■	■■	■■■ ■■■■
■■■■■■■■■■■■■	■■■■■■■■■■■■■■■■	■■■ ■■■■	■■
■■■■■■■■■■■■■■■■■■■■	■■■■■■■■■■■■■■■■■■■■■■■	■■■■	■■ ■■■
■■■■■■■■■■■■■	■■■■■■■■■■■■■■■■	■■	■■■ ■■■■
■■■■■■■■■■■■■■■■■■■■	■■■■■■■■■■■■■■■■■■■■■■■	■■■ ■■■■	■■
■■■■■■■■■■■■■	■■■■■■■■■■■■■■■■	■■■■	■■ ■■■
■■■■■■■■■■■■■■■■■■■■	■■■■■■■■■■■■■■■■■■■■■■■	■■	■■■ ■■■■
■■■■■■■■■■■■■	■■■■■■■■■■■■■■■■	■■■ ■■■■	■■
■■■■■■■■■■■■■■■■■■■■	■■■■■■■■■■■■■■■■■■■■■■■	■■■■	■■ ■■■
■■■■■■■■■■■■■	■■■■■■■■■■■■■■■■	■■	■■■ ■■■■
■■■■■■■■■■■■■■■■■■■■	■■■■■■■■■■■■■■■■■■■■■■■	■■■ ■■■■	■■
■■■■■■■■■■■■■	■■■■■■■■■■■■■■■■	■■■■	■■ ■■■
■■■■■■■■■■■■■■■■■■■■	■■■■■■■■■■■■■■■■■■■■■■■	■■	■■■ ■■■■
■■■■■■■■■■■■■	■■■■■■■■■■■■■■■■	■■■ ■■■■	■■
■■■■■■■■■■■■■■■■■■■■	■■■■■■■■■■■■■■■■■■■■■■■	■■■■	■■ ■■■
■■■■■■■■■■■■■	■■■■■■■■■■■■■■■■	■■	■■■ ■■■■
■■■■■■■■■■■■■■■■■■■■	■■■■■■■■■■■■■■■■■■■■■■■	■■■ ■■■■	■■
■■■■■■■■■■■■■	■■■■■■■■■■■■■■■■	■■■■	■■ ■■■
■■■■■■■■■■■■■■■■■■■■	■■■■■■■■■■■■■■■■■■■■■■■	■■	■■■ ■■■■
■■■■■■■■■■■■■	■■■■■■■■■■■■■■■■	■■■ ■■■■	■■
■■■■■■■■■■■■■■■■■■■■	■■■■■■■■■■■■■■■■■■■■■■■	■■■■	■■ ■■■
■■■■■■■■■■■■■	■■■■■■■■■■■■■■■■	■■	■■■ ■■■■
■■■■■■■■■■■■■■■■■■■■	■■■■■■■■■■■■■■■■■■■■■■■	■■■ ■■■■	■■
■■■■■■■■■■■■■	■■■■■■■■■■■■■■■■	■■■■	■■ ■■■
■■■■■■■■■■■■■■■■■■■■	■■■■■■■■■■■■■■■■■■■■■■■	■■	■■■ ■■■■
■■■■■■■■■■■■■	■■■■■■■■■■■■■■■■	■■■ ■■■■	■■
■■■■■■■■■■■■■■■■■■■■	■■■■■■■■■■■■■■■■■■■■■■■	■■■■	■■ ■■■
■■■■■■■■■■■■■	■■■■■■■■■■■■■■■■	■■	■■■ ■■■■
■■■■■■■■■■■■■■■■■■■■	■■■■■■■■■■■■■■■■■■■■■■■	■■■ ■■■■	■■
■■■■■■■■■■■■■	■■■■■■■■■■■■■■■■	■■■■	■■ ■■■
■■■■■■■■■■■■■■■■■■■■	■■■■■■■■■■■■■■■■■■■■■■■	■■	■■■ ■■■■
■■■■■■■■■■■■■	■■■■■■■■■■■■■■■■
下转A31版
